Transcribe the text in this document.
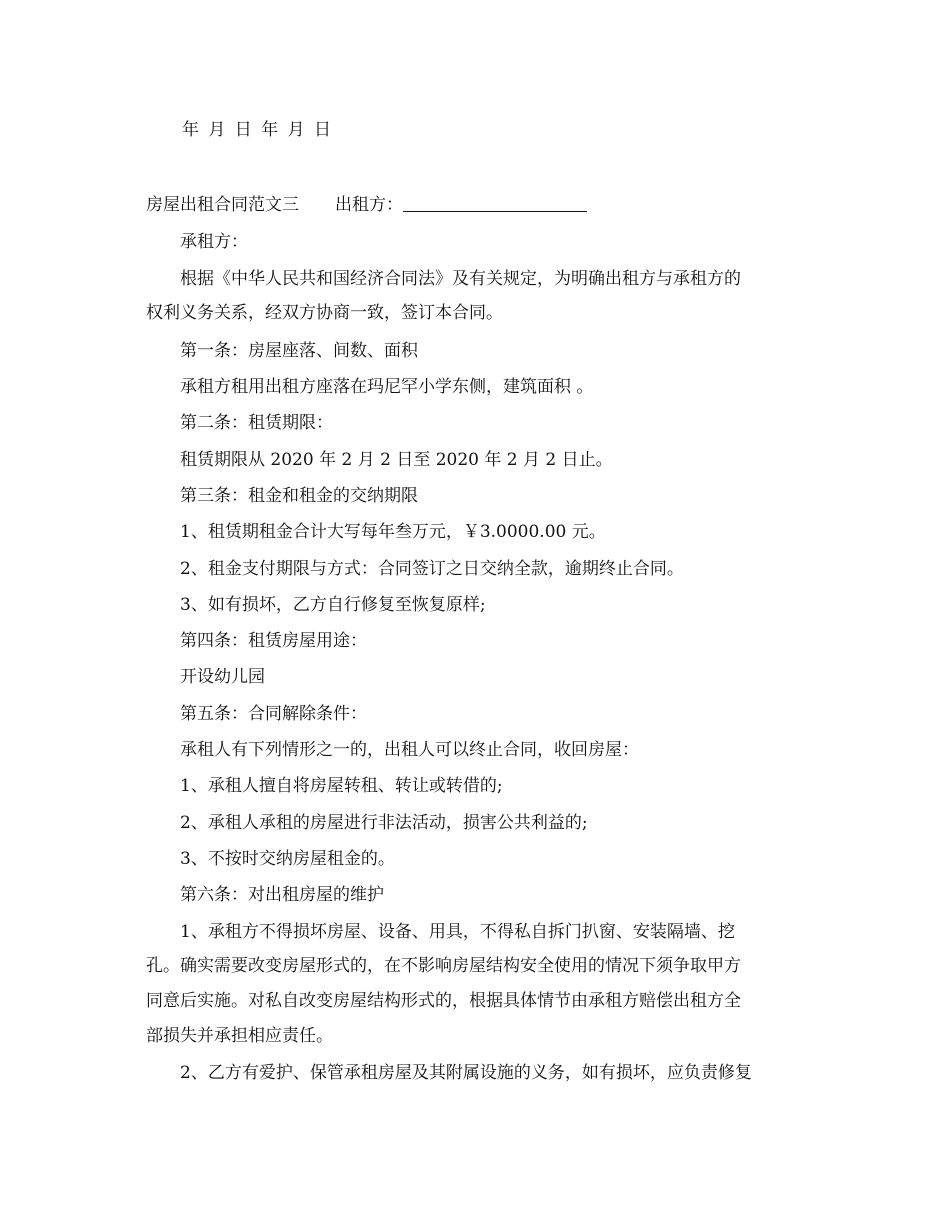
年 月 日 年 月 日
房屋出租合同范文三 出租方：
承租方：
根据《中华人民共和国经济合同法》及有关规定，为明确出租方与承租方的
权利义务关系，经双方协商一致，签订本合同。
第一条：房屋座落、间数、面积
承租方租用出租方座落在玛尼罕小学东侧，建筑面积 。
第二条：租赁期限：
租赁期限从 2020 年 2 月 2 日至 2020 年 2 月 2 日止。
第三条：租金和租金的交纳期限
1、租赁期租金合计大写每年叁万元，￥3.0000.00 元。
2、租金支付期限与方式：合同签订之日交纳全款，逾期终止合同。
3、如有损坏，乙方自行修复至恢复原样;
第四条：租赁房屋用途：
开设幼儿园
第五条：合同解除条件：
承租人有下列情形之一的，出租人可以终止合同，收回房屋：
1、承租人擅自将房屋转租、转让或转借的;
2、承租人承租的房屋进行非法活动，损害公共利益的;
3、不按时交纳房屋租金的。
第六条：对出租房屋的维护
1、承租方不得损坏房屋、设备、用具，不得私自拆门扒窗、安装隔墙、挖
孔。确实需要改变房屋形式的，在不影响房屋结构安全使用的情况下须争取甲方
同意后实施。对私自改变房屋结构形式的，根据具体情节由承租方赔偿出租方全
部损失并承担相应责任。
2、乙方有爱护、保管承租房屋及其附属设施的义务，如有损坏，应负责修复
